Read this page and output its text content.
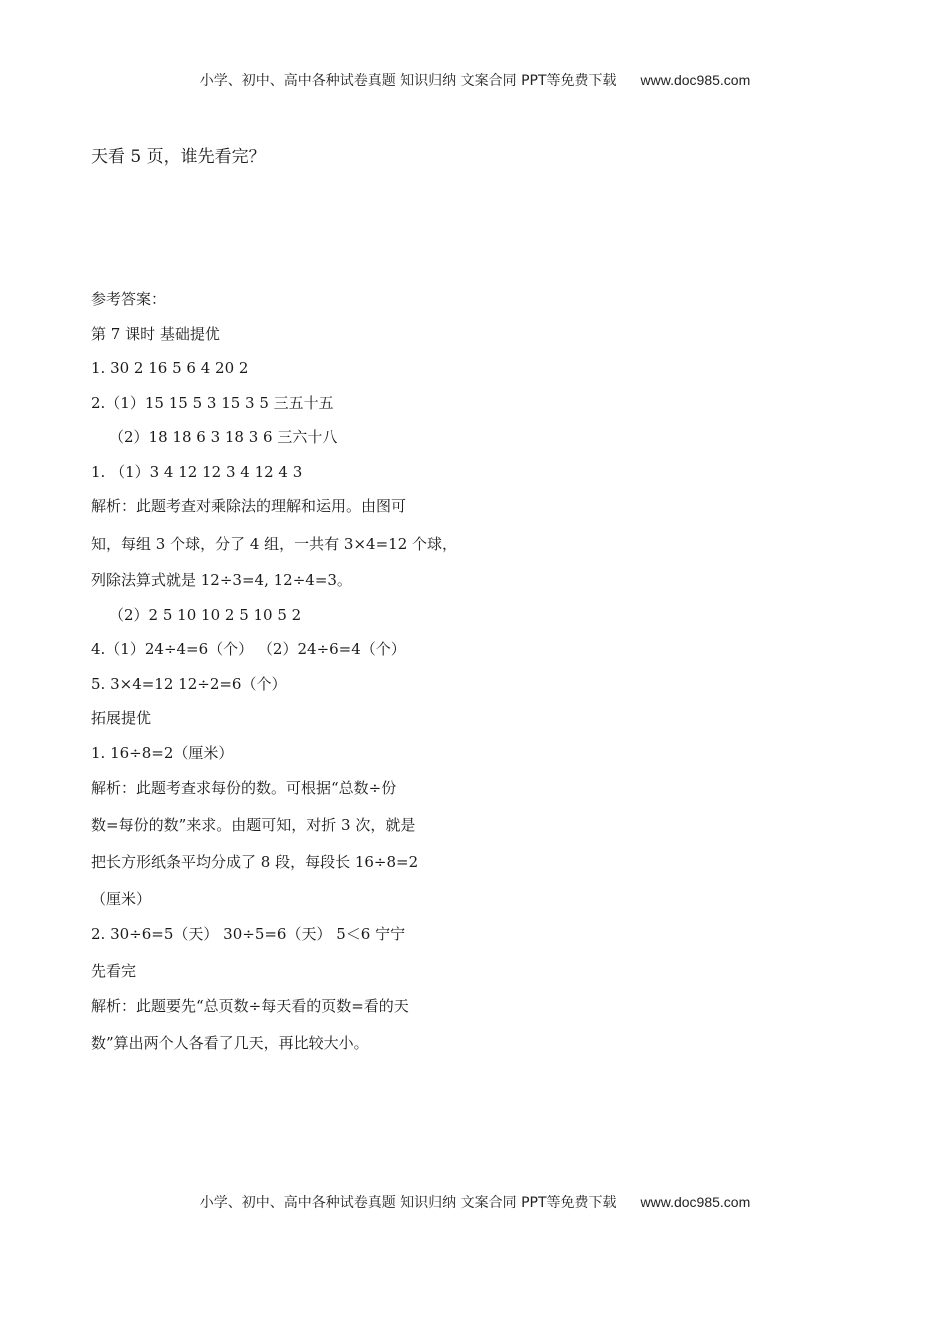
小学、初中、高中各种试卷真题 知识归纳 文案合同 PPT等免费下载 www.doc985.com
天看 5 页，谁先看完？
参考答案：
第 7 课时 基础提优
1. 30 2 16 5 6 4 20 2
2.（1）15 15 5 3 15 3 5 三五十五
（2）18 18 6 3 18 3 6 三六十八
1. （1）3 4 12 12 3 4 12 4 3
解析：此题考查对乘除法的理解和运用。由图可
知，每组 3 个球，分了 4 组，一共有 3×4=12 个球，
列除法算式就是 12÷3=4, 12÷4=3。
（2）2 5 10 10 2 5 10 5 2
4.（1）24÷4=6（个） （2）24÷6=4（个）
5. 3×4=12 12÷2=6（个）
拓展提优
1. 16÷8=2（厘米）
解析：此题考查求每份的数。可根据“总数÷份
数=每份的数”来求。由题可知，对折 3 次，就是
把长方形纸条平均分成了 8 段，每段长 16÷8=2
（厘米）
2. 30÷6=5（天） 30÷5=6（天） 5＜6 宁宁
先看完
解析：此题要先“总页数÷每天看的页数=看的天
数”算出两个人各看了几天，再比较大小。
小学、初中、高中各种试卷真题 知识归纳 文案合同 PPT等免费下载 www.doc985.com
